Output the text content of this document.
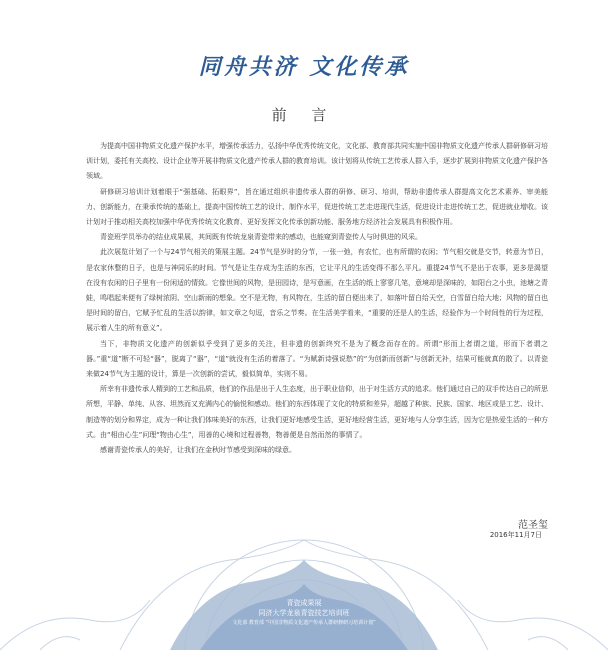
同舟共济 文化传承
前 言

为提高中国非物质文化遗产保护水平，增强传承活力，弘扬中华优秀传统文化，文化部、教育部共同实施中国非物质文化遗产传承人群研修研习培训计划，委托有关高校、设计企业等开展非物质文化遗产传承人群的教育培训。该计划将从传统工艺传承人群入手，逐步扩展到非物质文化遗产保护各领域。

研修研习培训计划着眼于“强基础、拓眼界”，旨在通过组织非遗传承人群的研修、研习、培训，帮助非遗传承人群提高文化艺术素养、审美能力、创新能力，在秉承传统的基础上，提高中国传统工艺的设计、制作水平，促进传统工艺走进现代生活，促进设计走进传统工艺，促进就业增收。该计划对于推动相关高校加强中华优秀传统文化教育、更好发挥文化传承创新功能、服务地方经济社会发展具有积极作用。

青瓷班学员举办的结业成果展，其间既有传统龙泉青瓷带来的感动，也能窥到青瓷传人与时俱进的风采。

此次展览计划了一个与24节气相关的策展主题。24节气是岁时的分节，一张一弛，有农忙，也有所谓的农闲；节气相交就是交节，转意为节日，是农家休整的日子，也是与神同乐的时间。节气是让生存成为生活的东西，它让平凡的生活变得不那么平凡。重提24节气不是出于农事，更多是渴望在没有农闲的日子里有一份闲适的情致。它像世间的风物，是田园诗，是写意画，在生活的纸上寥寥几笔，意境却是深味的，如阳台之小虫，池塘之青蛙，鸣唱起来便有了绿树浓阴、空山新雨的想象。空不是无物，有风物在，生活的留白便出来了，如落叶留白给天空，白雪留白给大地；风物的留白也是时间的留白，它赋予忙乱的生活以韵律，如文章之句逗，音乐之节奏。在生活美学看来，“重要的还是人的生活，经验作为一个时间性的行为过程，展示着人生的所有意义”。

当下，非物质文化遗产的创新似乎受到了更多的关注，但非遗的创新终究不是为了概念而存在的。所谓“形而上者谓之道，形而下者谓之器。”重“道”断不可轻“器”，脱离了“器”，“道”就没有生活的着落了。“为赋新诗强说愁”的“为创新而创新”与创新无补，结果可能就真的散了。以青瓷来做24节气为主题的设计，算是一次创新的尝试，毅似简单，实则不易。

所幸有非遗传承人精到的工艺和品质，他们的作品是出于人生态度，出于职业信仰，出于对生活方式的追求。他们通过自己的双手传达自己的所思所想，平静、单纯、从容、坦然而又充满内心的愉悦和感动。他们的东西体现了文化的特质和差异，超越了种族、民族、国家、地区或是工艺、设计、制造等的划分和界定，成为一种让我们体味美好的东西，让我们更好地感受生活，更好地经营生活，更好地与人分享生活，因为它是热爱生活的一种方式。由“相由心生”问理“物由心生”，用善的心境和过程善物，物善便是自然而然的事情了。

感谢青瓷传承人的美好，让我们在金秋时节感受到深味的绿意。

范圣玺
2016年11月7日
青瓷成果展
同济大学龙泉青瓷技艺培训班
文化部 教育部 “中国非物质文化遗产传承人群研修研习培训计划”
